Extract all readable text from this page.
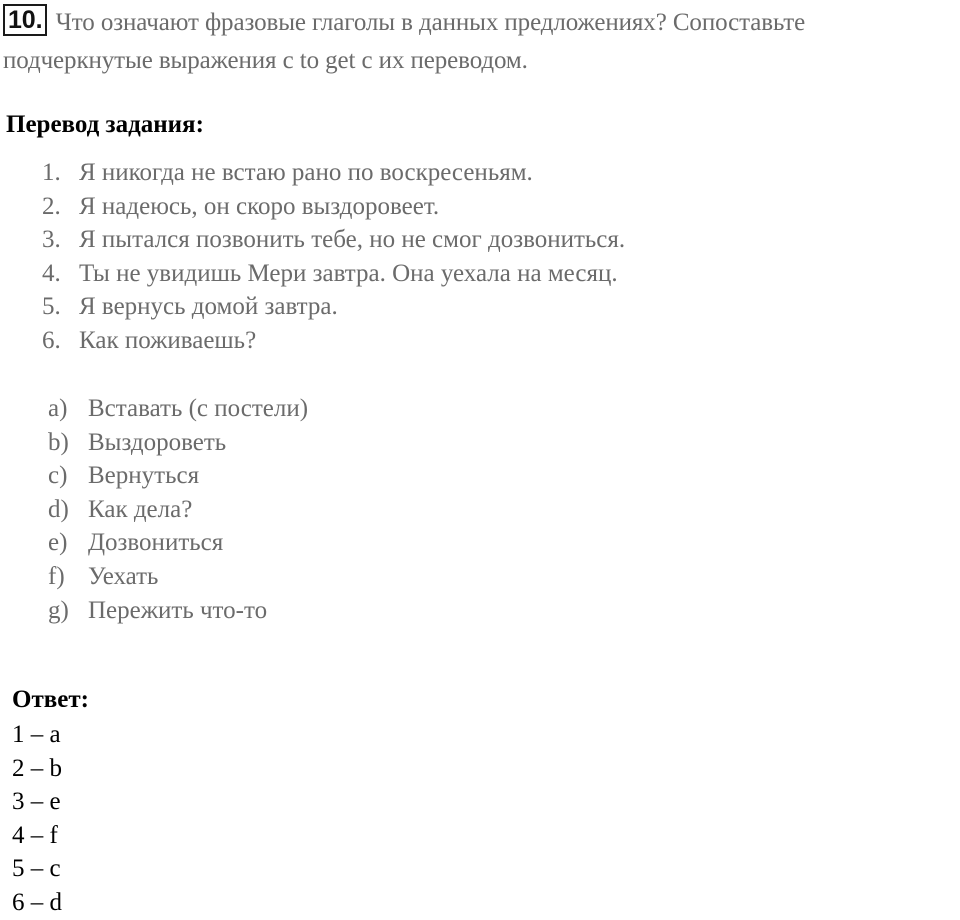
10. Что означают фразовые глаголы в данных предложениях? Сопоставьте подчеркнутые выражения с to get с их переводом.
Перевод задания:
1. Я никогда не встаю рано по воскресеньям.
2. Я надеюсь, он скоро выздоровеет.
3. Я пытался позвонить тебе, но не смог дозвониться.
4. Ты не увидишь Мери завтра. Она уехала на месяц.
5. Я вернусь домой завтра.
6. Как поживаешь?
a) Вставать (с постели)
b) Выздороветь
c) Вернуться
d) Как дела?
e) Дозвониться
f) Уехать
g) Пережить что-то
Ответ:
1 – a
2 – b
3 – e
4 – f
5 – c
6 – d
